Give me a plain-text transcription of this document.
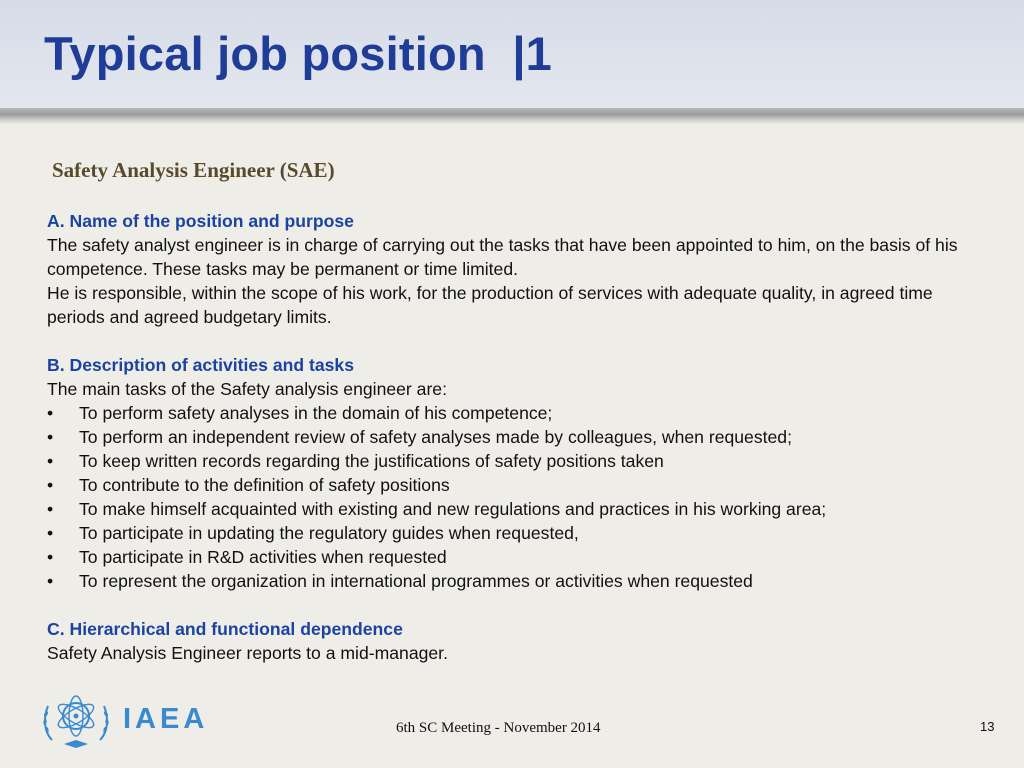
Typical job position  |1
Safety Analysis Engineer (SAE)
A. Name of the position and purpose

The safety analyst engineer is in charge of carrying out the tasks that have been appointed to him, on the basis of his competence. These tasks may be permanent or time limited.

He is responsible, within the scope of his work, for the production of services with adequate quality, in agreed time periods and agreed budgetary limits.

B. Description of activities and tasks

The main tasks of the Safety analysis engineer are:

• To perform safety analyses in the domain of his competence;
• To perform an independent review of safety analyses made by colleagues, when requested;
• To keep written records regarding the justifications of safety positions taken
• To contribute to the definition of safety positions
• To make himself acquainted with existing and new regulations and practices in his working area;
• To participate in updating the regulatory guides when requested,
• To participate in R&D activities when requested
• To represent the organization in international programmes or activities when requested
C. Hierarchical and functional dependence

Safety Analysis Engineer reports to a mid-manager.

IAEA	6th SC Meeting - November 2014	13
